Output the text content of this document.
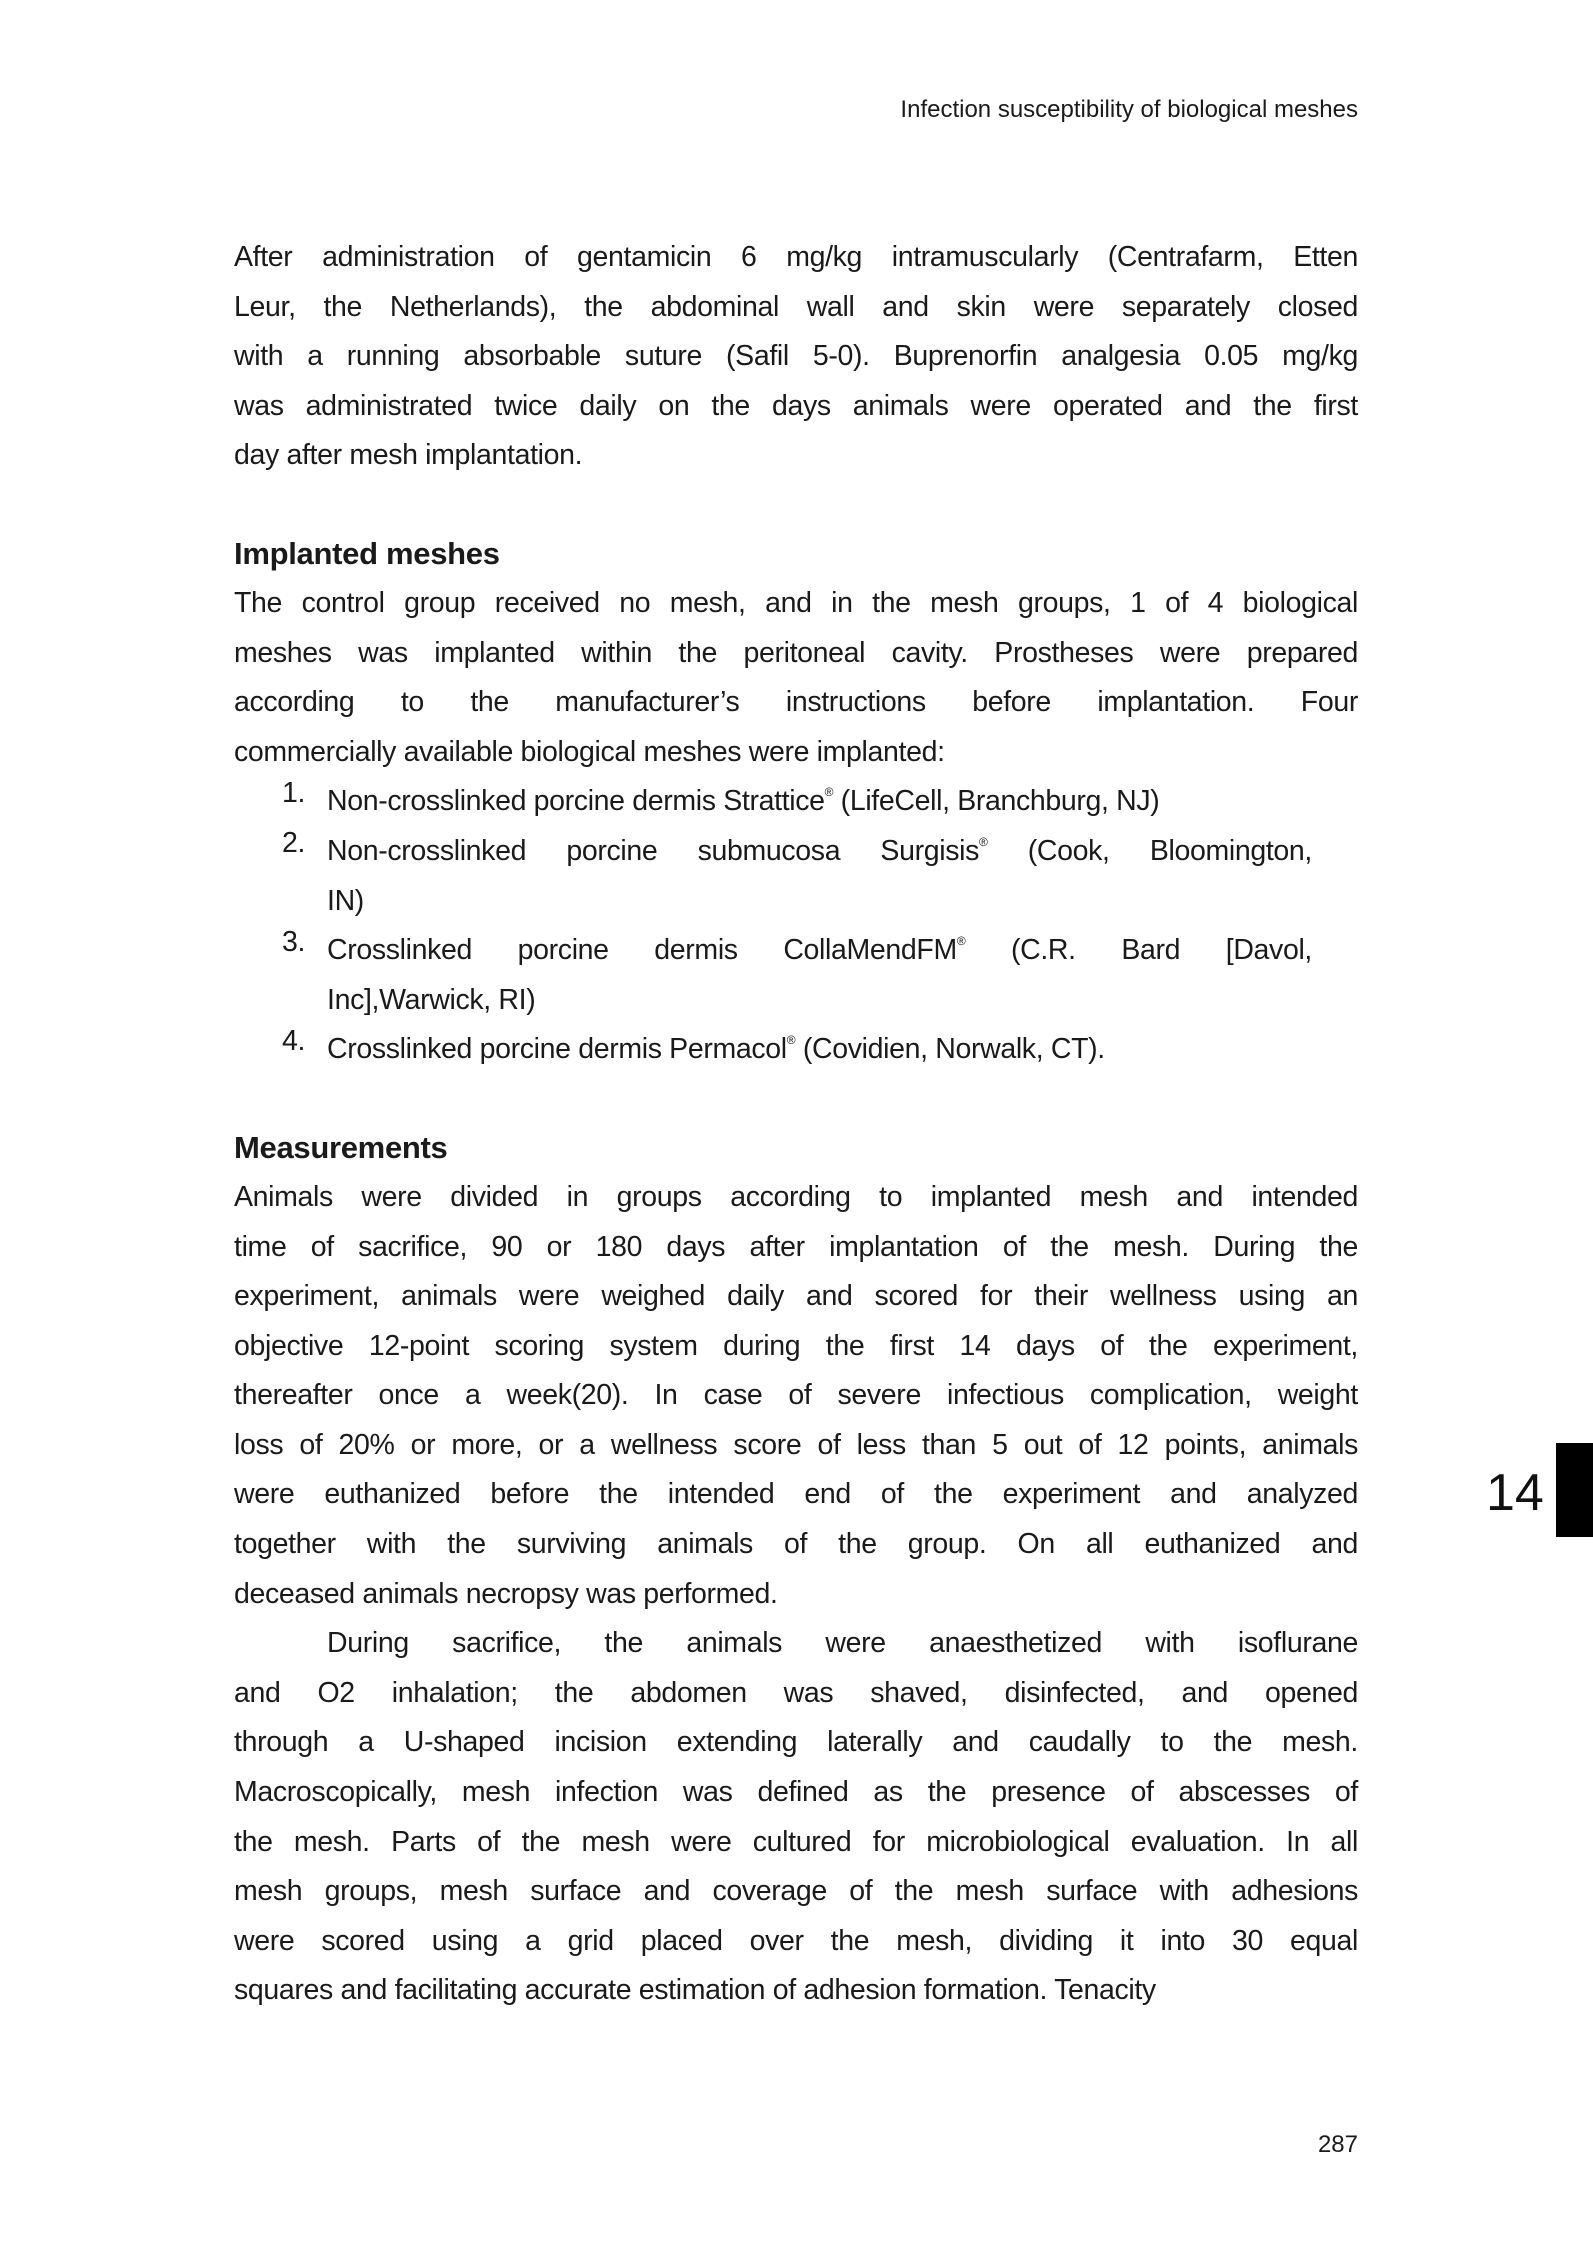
Infection susceptibility of biological meshes
After administration of gentamicin 6 mg/kg intramuscularly (Centrafarm, Etten
Leur, the Netherlands), the abdominal wall and skin were separately closed
with a running absorbable suture (Safil 5-0). Buprenorfin analgesia 0.05 mg/kg
was administrated twice daily on the days animals were operated and the first
day after mesh implantation.
Implanted meshes
The control group received no mesh, and in the mesh groups, 1 of 4 biological
meshes was implanted within the peritoneal cavity. Prostheses were prepared
according to the manufacturer’s instructions before implantation. Four
commercially available biological meshes were implanted:
1. Non-crosslinked porcine dermis Strattice® (LifeCell, Branchburg, NJ)
2. Non-crosslinked porcine submucosa Surgisis® (Cook, Bloomington,
IN)
3. Crosslinked porcine dermis CollaMendFM® (C.R. Bard [Davol,
Inc],Warwick, RI)
4. Crosslinked porcine dermis Permacol® (Covidien, Norwalk, CT).
Measurements
Animals were divided in groups according to implanted mesh and intended
time of sacrifice, 90 or 180 days after implantation of the mesh. During the
experiment, animals were weighed daily and scored for their wellness using an
objective 12-point scoring system during the first 14 days of the experiment,
thereafter once a week(20). In case of severe infectious complication, weight
loss of 20% or more, or a wellness score of less than 5 out of 12 points, animals
were euthanized before the intended end of the experiment and analyzed
together with the surviving animals of the group. On all euthanized and
deceased animals necropsy was performed.
During sacrifice, the animals were anaesthetized with isoflurane
and O2 inhalation; the abdomen was shaved, disinfected, and opened
through a U-shaped incision extending laterally and caudally to the mesh.
Macroscopically, mesh infection was defined as the presence of abscesses of
the mesh. Parts of the mesh were cultured for microbiological evaluation. In all
mesh groups, mesh surface and coverage of the mesh surface with adhesions
were scored using a grid placed over the mesh, dividing it into 30 equal
squares and facilitating accurate estimation of adhesion formation. Tenacity
14
287
